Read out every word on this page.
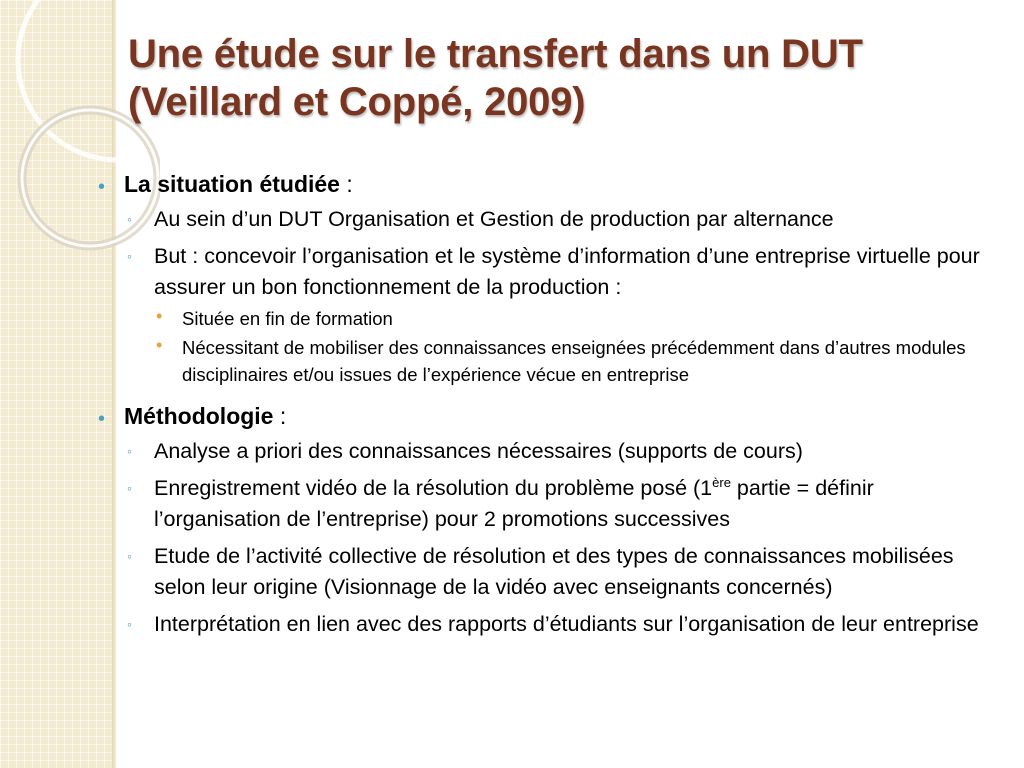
Une étude sur le transfert dans un DUT (Veillard et Coppé, 2009)
• La situation étudiée :
◦ Au sein d’un DUT Organisation et Gestion de production par alternance
◦ But : concevoir l’organisation et le système d’information d’une entreprise virtuelle pour assurer un bon fonctionnement de la production :
• Située en fin de formation
• Nécessitant de mobiliser des connaissances enseignées précédemment dans d’autres modules disciplinaires et/ou issues de l’expérience vécue en entreprise
• Méthodologie :
◦ Analyse a priori des connaissances nécessaires (supports de cours)
◦ Enregistrement vidéo de la résolution du problème posé (1ère partie = définir l’organisation de l’entreprise) pour 2 promotions successives
◦ Etude de l’activité collective de résolution et des types de connaissances mobilisées selon leur origine (Visionnage de la vidéo avec enseignants concernés)
◦ Interprétation en lien avec des rapports d’étudiants sur l’organisation de leur entreprise
